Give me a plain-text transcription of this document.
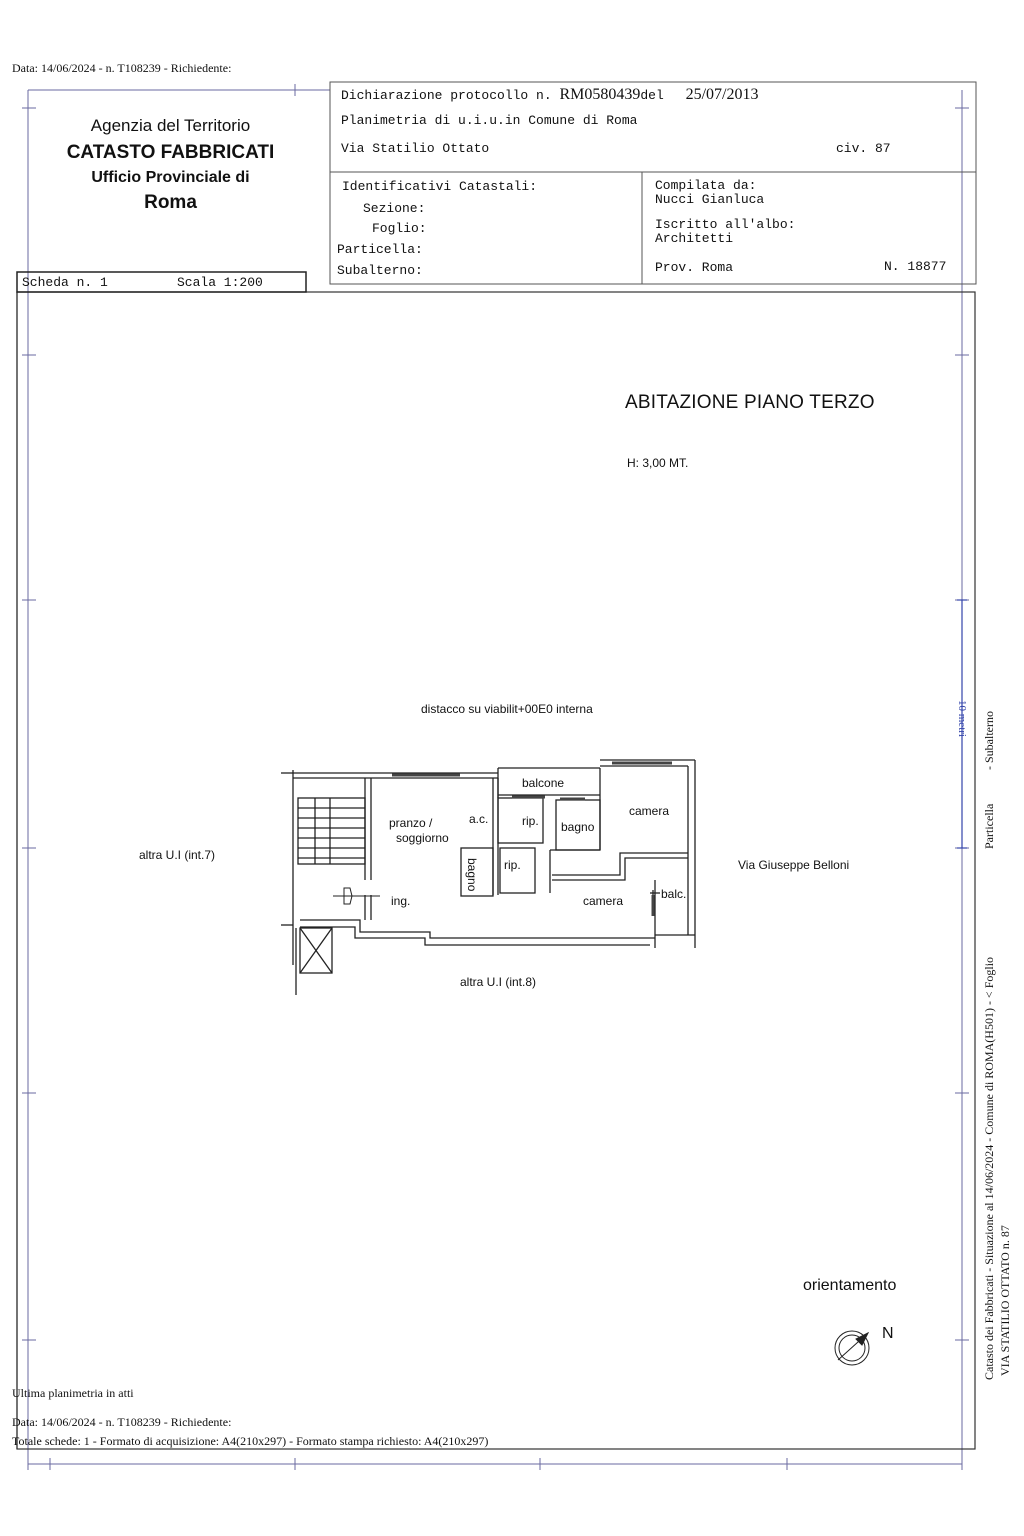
Data: 14/06/2024 - n. T108239 - Richiedente:
Agenzia del Territorio
CATASTO FABBRICATI
Ufficio Provinciale di
Roma
Dichiarazione protocollo n. RM0580439del 25/07/2013
Planimetria di u.i.u.in Comune di Roma
Via Statilio Ottato	civ. 87
Identificativi Catastali:
Sezione:
Foglio:
Particella:
Subalterno:
Compilata da:
Nucci Gianluca
Iscritto all'albo:
Architetti
Prov. Roma	N. 18877
Scheda n. 1	Scala 1:200
ABITAZIONE PIANO TERZO
H: 3,00 MT.
distacco su viabilit+00E0 interna
altra U.I (int.7)
altra U.I (int.8)
Via Giuseppe Belloni
orientamento
balcone
pranzo /
soggiorno
a.c.	rip. bagno
camera
bagno rip.
ing.	camera	balc.
N
10 metri
Catasto dei Fabbricati - Situazione al 14/06/2024 - Comune di ROMA(H501) - < Foglio VIA STATILIO OTTATO n. 87
Particella
- Subalterno
Ultima planimetria in atti
Data: 14/06/2024 - n. T108239 - Richiedente:
Totale schede: 1 - Formato di acquisizione: A4(210x297) - Formato stampa richiesto: A4(210x297)
